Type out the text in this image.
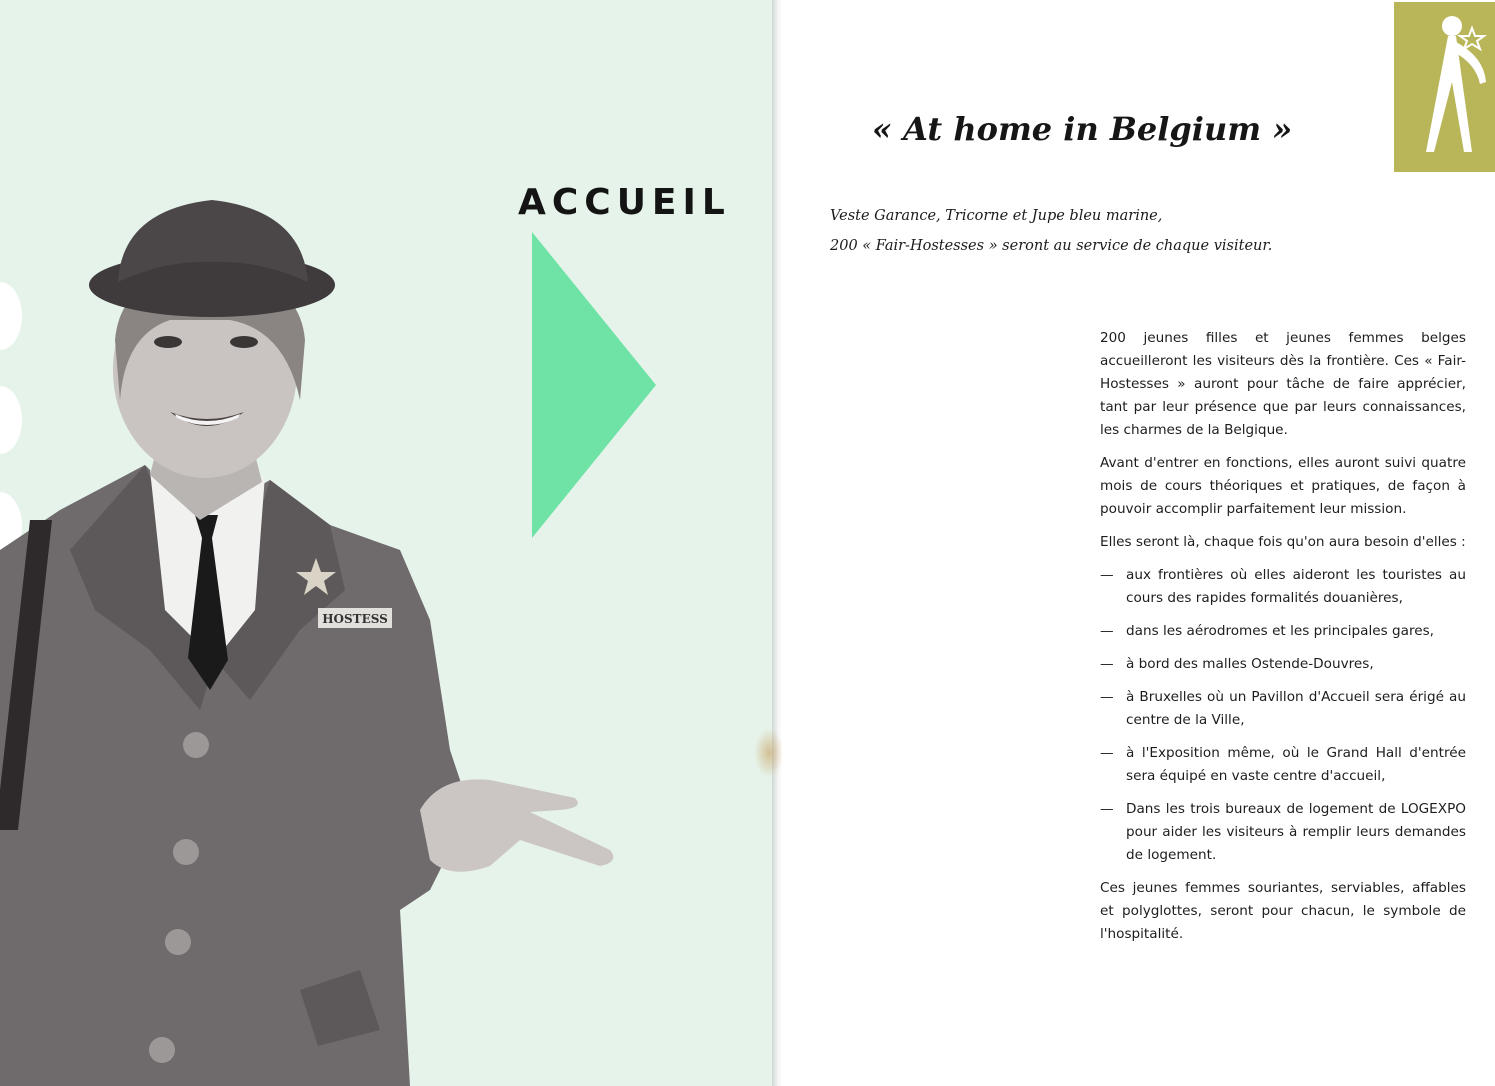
ACCUEIL
HOSTESS
« At home in Belgium »
Veste Garance, Tricorne et Jupe bleu marine,
200 « Fair-Hostesses » seront au service de chaque visiteur.

200 jeunes filles et jeunes femmes belges accueilleront les visiteurs dès la frontière. Ces « Fair-Hostesses » auront pour tâche de faire apprécier, tant par leur présence que par leurs connaissances, les charmes de la Belgique.

Avant d'entrer en fonctions, elles auront suivi quatre mois de cours théoriques et pratiques, de façon à pouvoir accomplir parfaitement leur mission.

Elles seront là, chaque fois qu'on aura besoin d'elles :

— aux frontières où elles aideront les touristes au cours des rapides formalités douanières,
— dans les aérodromes et les principales gares,
— à bord des malles Ostende-Douvres,
— à Bruxelles où un Pavillon d'Accueil sera érigé au centre de la Ville,
— à l'Exposition même, où le Grand Hall d'entrée sera équipé en vaste centre d'accueil,
— Dans les trois bureaux de logement de LOGEXPO pour aider les visiteurs à remplir leurs demandes de logement.

Ces jeunes femmes souriantes, serviables, affables et polyglottes, seront pour chacun, le symbole de l'hospitalité.
